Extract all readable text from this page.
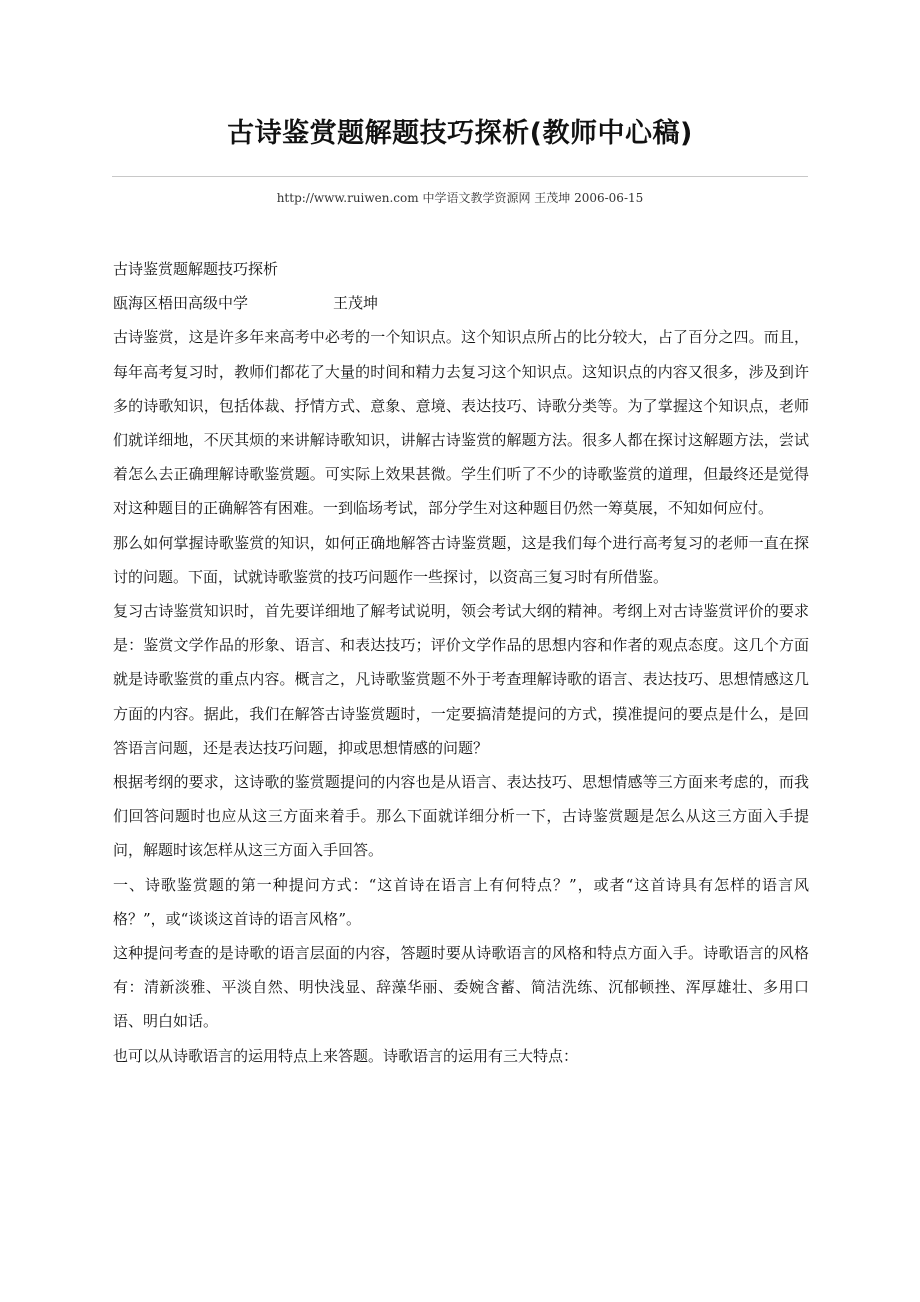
古诗鉴赏题解题技巧探析(教师中心稿)
http://www.ruiwen.com 中学语文教学资源网 王茂坤 2006-06-15

古诗鉴赏题解题技巧探析

瓯海区梧田高级中学	王茂坤

古诗鉴赏，这是许多年来高考中必考的一个知识点。这个知识点所占的比分较大，占了百分之四。而且，每年高考复习时，教师们都花了大量的时间和精力去复习这个知识点。这知识点的内容又很多，涉及到许多的诗歌知识，包括体裁、抒情方式、意象、意境、表达技巧、诗歌分类等。为了掌握这个知识点，老师们就详细地，不厌其烦的来讲解诗歌知识，讲解古诗鉴赏的解题方法。很多人都在探讨这解题方法，尝试着怎么去正确理解诗歌鉴赏题。可实际上效果甚微。学生们听了不少的诗歌鉴赏的道理，但最终还是觉得对这种题目的正确解答有困难。一到临场考试，部分学生对这种题目仍然一筹莫展，不知如何应付。

那么如何掌握诗歌鉴赏的知识，如何正确地解答古诗鉴赏题，这是我们每个进行高考复习的老师一直在探讨的问题。下面，试就诗歌鉴赏的技巧问题作一些探讨，以资高三复习时有所借鉴。

复习古诗鉴赏知识时，首先要详细地了解考试说明，领会考试大纲的精神。考纲上对古诗鉴赏评价的要求是：鉴赏文学作品的形象、语言、和表达技巧；评价文学作品的思想内容和作者的观点态度。这几个方面就是诗歌鉴赏的重点内容。概言之，凡诗歌鉴赏题不外于考查理解诗歌的语言、表达技巧、思想情感这几方面的内容。据此，我们在解答古诗鉴赏题时，一定要搞清楚提问的方式，摸准提问的要点是什么，是回答语言问题，还是表达技巧问题，抑或思想情感的问题？

根据考纲的要求，这诗歌的鉴赏题提问的内容也是从语言、表达技巧、思想情感等三方面来考虑的，而我们回答问题时也应从这三方面来着手。那么下面就详细分析一下，古诗鉴赏题是怎么从这三方面入手提问，解题时该怎样从这三方面入手回答。

一、诗歌鉴赏题的第一种提问方式：“这首诗在语言上有何特点？”，或者“这首诗具有怎样的语言风格？”，或“谈谈这首诗的语言风格”。

这种提问考查的是诗歌的语言层面的内容，答题时要从诗歌语言的风格和特点方面入手。诗歌语言的风格有：清新淡雅、平淡自然、明快浅显、辞藻华丽、委婉含蓄、简洁洗练、沉郁顿挫、浑厚雄壮、多用口语、明白如话。

也可以从诗歌语言的运用特点上来答题。诗歌语言的运用有三大特点：
